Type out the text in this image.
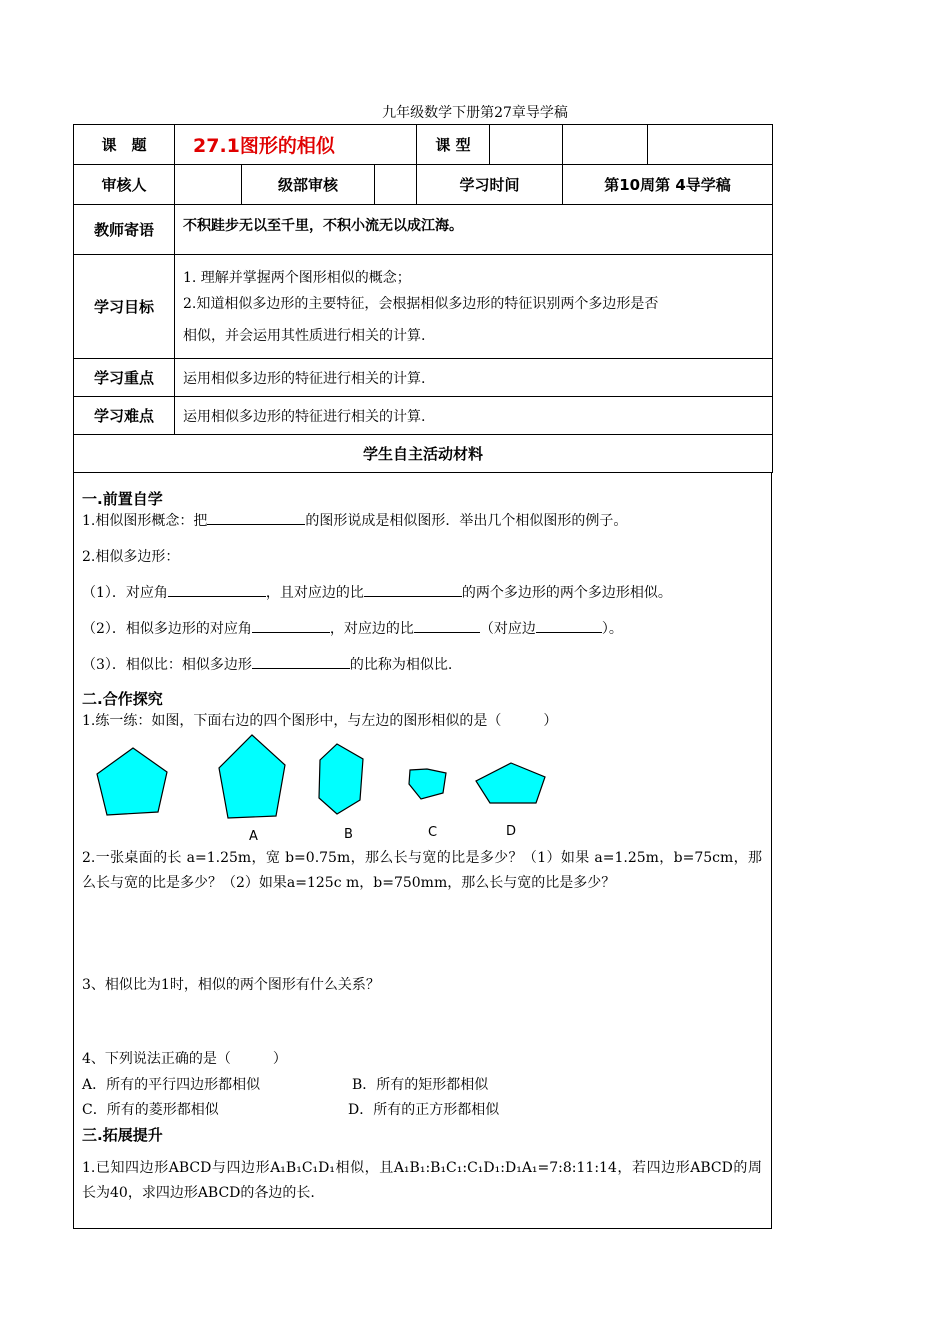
九年级数学下册第27章导学稿
课　题	27.1图形的相似			课 型			
审核人		级部审核		学习时间		第10周第 4导学稿	
教师寄语	不积跬步无以至千里，不积小流无以成江海。						
学习目标	1. 理解并掌握两个图形相似的概念；

2.知道相似多边形的主要特征，会根据相似多边形的特征识别两个多边形是否

相似，并会运用其性质进行相关的计算.						

学习重点	运用相似多边形的特征进行相关的计算.						
学习难点	运用相似多边形的特征进行相关的计算.						
学生自主活动材料							
一.前置自学
1.相似图形概念：把	的图形说成是相似图形．举出几个相似图形的例子。
2.相似多边形：
（1）．对应角	，且对应边的比	的两个多边形的两个多边形相似。
（2）．相似多边形的对应角	，对应边的比	（对应边	）。
（3）．相似比：相似多边形	的比称为相似比.
二.合作探究
1.练一练：如图，下面右边的四个图形中，与左边的图形相似的是（　　　）
A	B	C	D
2.一张桌面的长 a=1.25m，宽 b=0.75m，那么长与宽的比是多少？（1）如果 a=1.25m，b=75cm，那么长与宽的比是多少？（2）如果a=125c m，b=750mm，那么长与宽的比是多少？
3、相似比为1时，相似的两个图形有什么关系？
4、下列说法正确的是（　　　）
A．所有的平行四边形都相似	B．所有的矩形都相似
C．所有的菱形都相似	D．所有的正方形都相似
三.拓展提升
1.已知四边形ABCD与四边形A₁B₁C₁D₁相似，且A₁B₁:B₁C₁:C₁D₁:D₁A₁=7:8:11:14，若四边形ABCD的周长为40，求四边形ABCD的各边的长.
